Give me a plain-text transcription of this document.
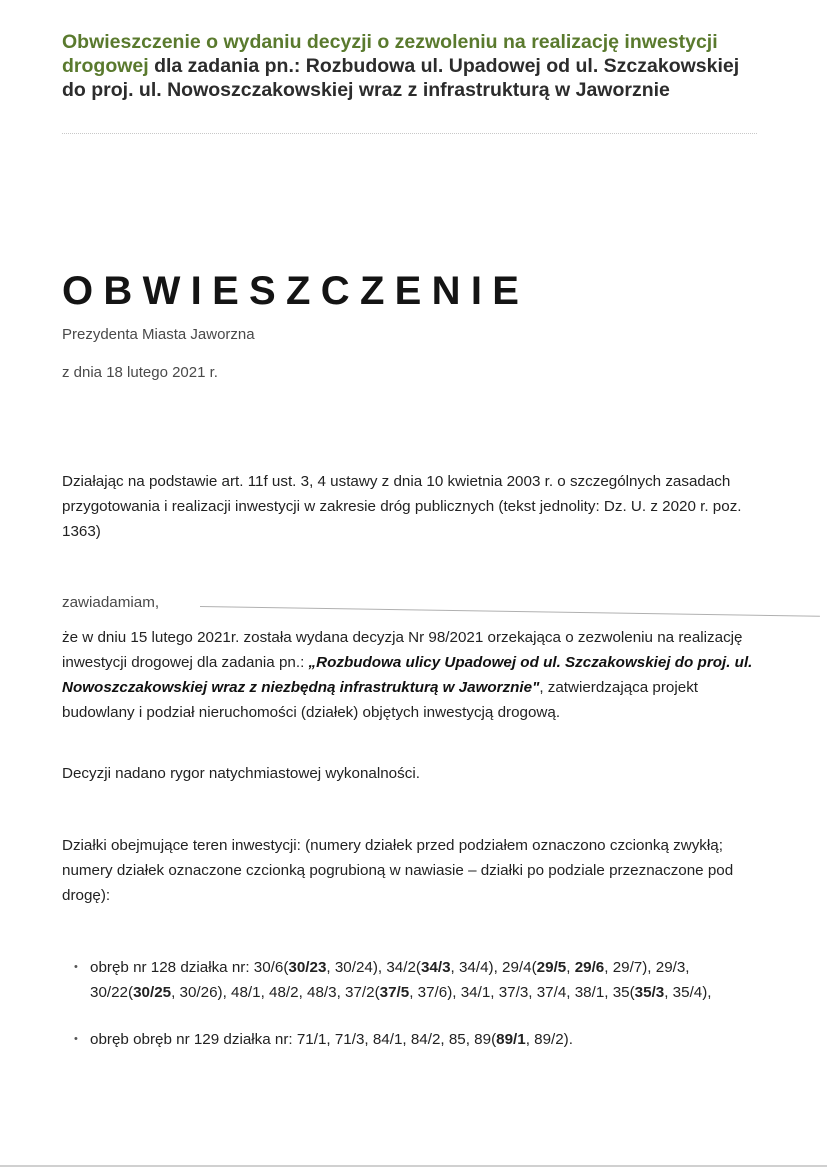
Obwieszczenie o wydaniu decyzji o zezwoleniu na realizację inwestycji drogowej dla zadania pn.: Rozbudowa ul. Upadowej od ul. Szczakowskiej do proj. ul. Nowoszczakowskiej wraz z infrastrukturą w Jaworznie
OBWIESZCZENIE

Prezydenta Miasta Jaworzna

z dnia 18 lutego 2021 r.

Działając na podstawie art. 11f ust. 3, 4 ustawy z dnia 10 kwietnia 2003 r. o szczególnych zasadach przygotowania i realizacji inwestycji w zakresie dróg publicznych (tekst jednolity: Dz. U. z 2020 r. poz. 1363)

zawiadamiam,

że w dniu 15 lutego 2021r. została wydana decyzja Nr 98/2021 orzekająca o zezwoleniu na realizację inwestycji drogowej dla zadania pn.: „Rozbudowa ulicy Upadowej od ul. Szczakowskiej do proj. ul. Nowoszczakowskiej wraz z niezbędną infrastrukturą w Jaworznie", zatwierdzająca projekt budowlany i podział nieruchomości (działek) objętych inwestycją drogową.

Decyzji nadano rygor natychmiastowej wykonalności.

Działki obejmujące teren inwestycji: (numery działek przed podziałem oznaczono czcionką zwykłą; numery działek oznaczone czcionką pogrubioną w nawiasie – działki po podziale przeznaczone pod drogę):

• obręb nr 128 działka nr: 30/6(30/23, 30/24), 34/2(34/3, 34/4), 29/4(29/5, 29/6, 29/7), 29/3, 30/22(30/25, 30/26), 48/1, 48/2, 48/3, 37/2(37/5, 37/6), 34/1, 37/3, 37/4, 38/1, 35(35/3, 35/4),
• obręb obręb nr 129 działka nr: 71/1, 71/3, 84/1, 84/2, 85, 89(89/1, 89/2).
